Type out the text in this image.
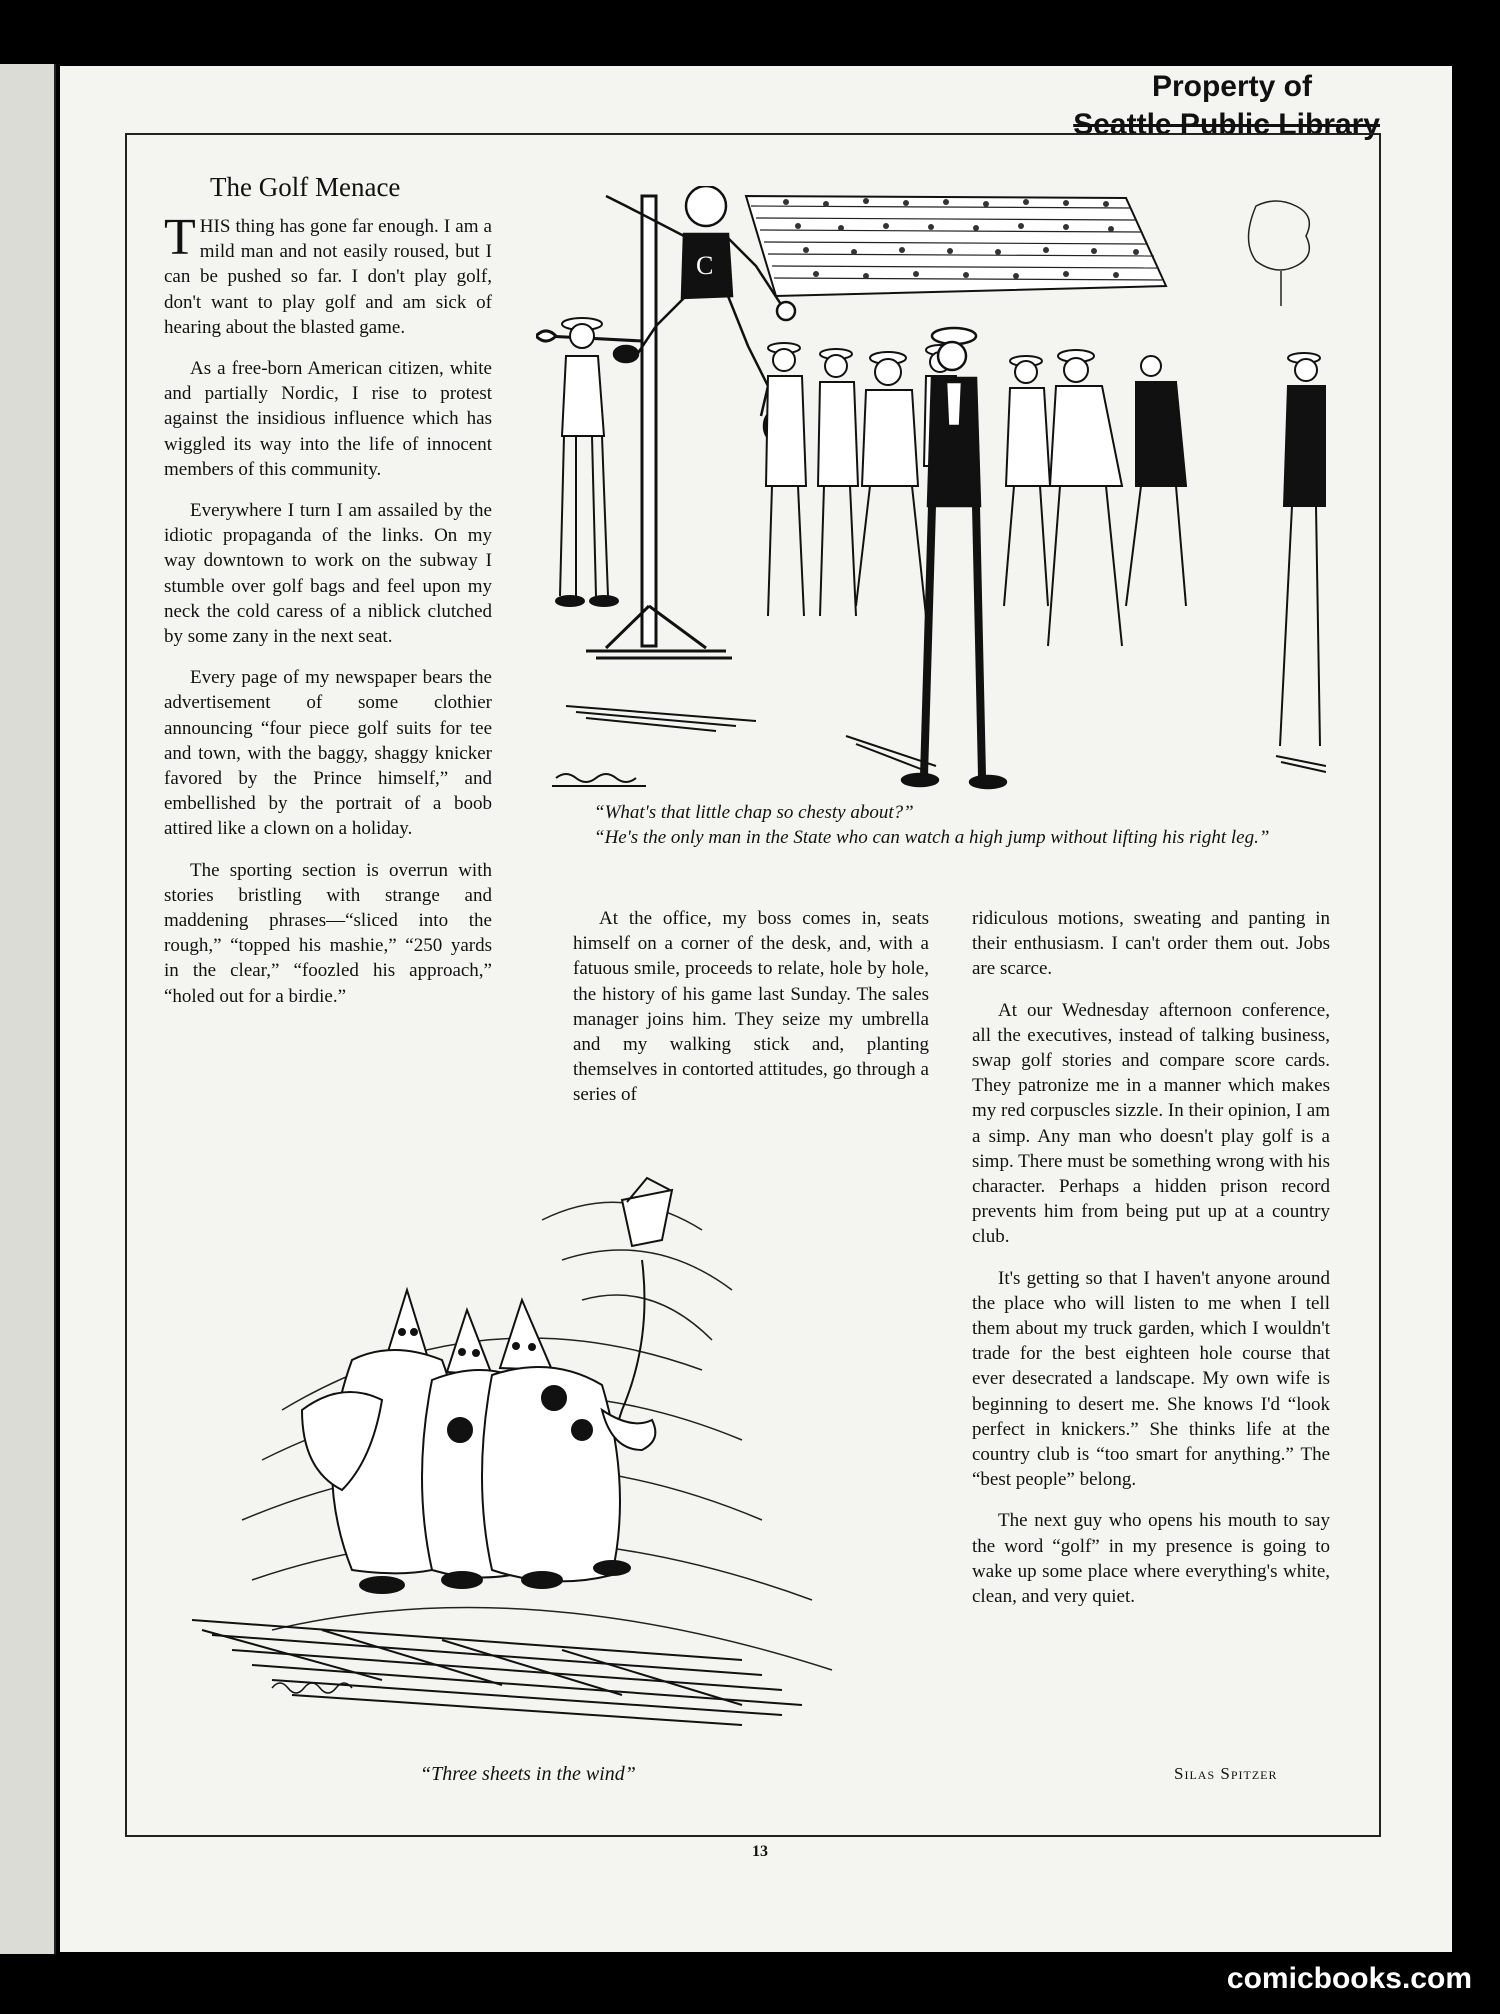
Property of
Seattle Public Library
The Golf Menace

THIS thing has gone far enough. I am a mild man and not easily roused, but I can be pushed so far. I don't play golf, don't want to play golf and am sick of hearing about the blasted game.

As a free-born American citizen, white and partially Nordic, I rise to protest against the insidious influence which has wiggled its way into the life of innocent members of this community.

Everywhere I turn I am assailed by the idiotic propaganda of the links. On my way downtown to work on the subway I stumble over golf bags and feel upon my neck the cold caress of a niblick clutched by some zany in the next seat.

Every page of my newspaper bears the advertisement of some clothier announcing “four piece golf suits for tee and town, with the baggy, shaggy knicker favored by the Prince himself,” and embellished by the portrait of a boob attired like a clown on a holiday.

The sporting section is overrun with stories bristling with strange and maddening phrases—“sliced into the rough,” “topped his mashie,” “250 yards in the clear,” “foozled his approach,” “holed out for a birdie.”

At the office, my boss comes in, seats himself on a corner of the desk, and, with a fatuous smile, proceeds to relate, hole by hole, the history of his game last Sunday. The sales manager joins him. They seize my umbrella and my walking stick and, planting themselves in contorted attitudes, go through a series of

ridiculous motions, sweating and panting in their enthusiasm. I can't order them out. Jobs are scarce.

At our Wednesday afternoon conference, all the executives, instead of talking business, swap golf stories and compare score cards. They patronize me in a manner which makes my red corpuscles sizzle. In their opinion, I am a simp. Any man who doesn't play golf is a simp. There must be something wrong with his character. Perhaps a hidden prison record prevents him from being put up at a country club.

It's getting so that I haven't anyone around the place who will listen to me when I tell them about my truck garden, which I wouldn't trade for the best eighteen hole course that ever desecrated a landscape. My own wife is beginning to desert me. She knows I'd “look perfect in knickers.” She thinks life at the country club is “too smart for anything.” The “best people” belong.

The next guy who opens his mouth to say the word “golf” in my presence is going to wake up some place where everything's white, clean, and very quiet.

Silas Spitzer
C
“What's that little chap so chesty about?”
“He's the only man in the State who can watch a high jump without lifting his right leg.”
“Three sheets in the wind”
13
comicbooks.com
